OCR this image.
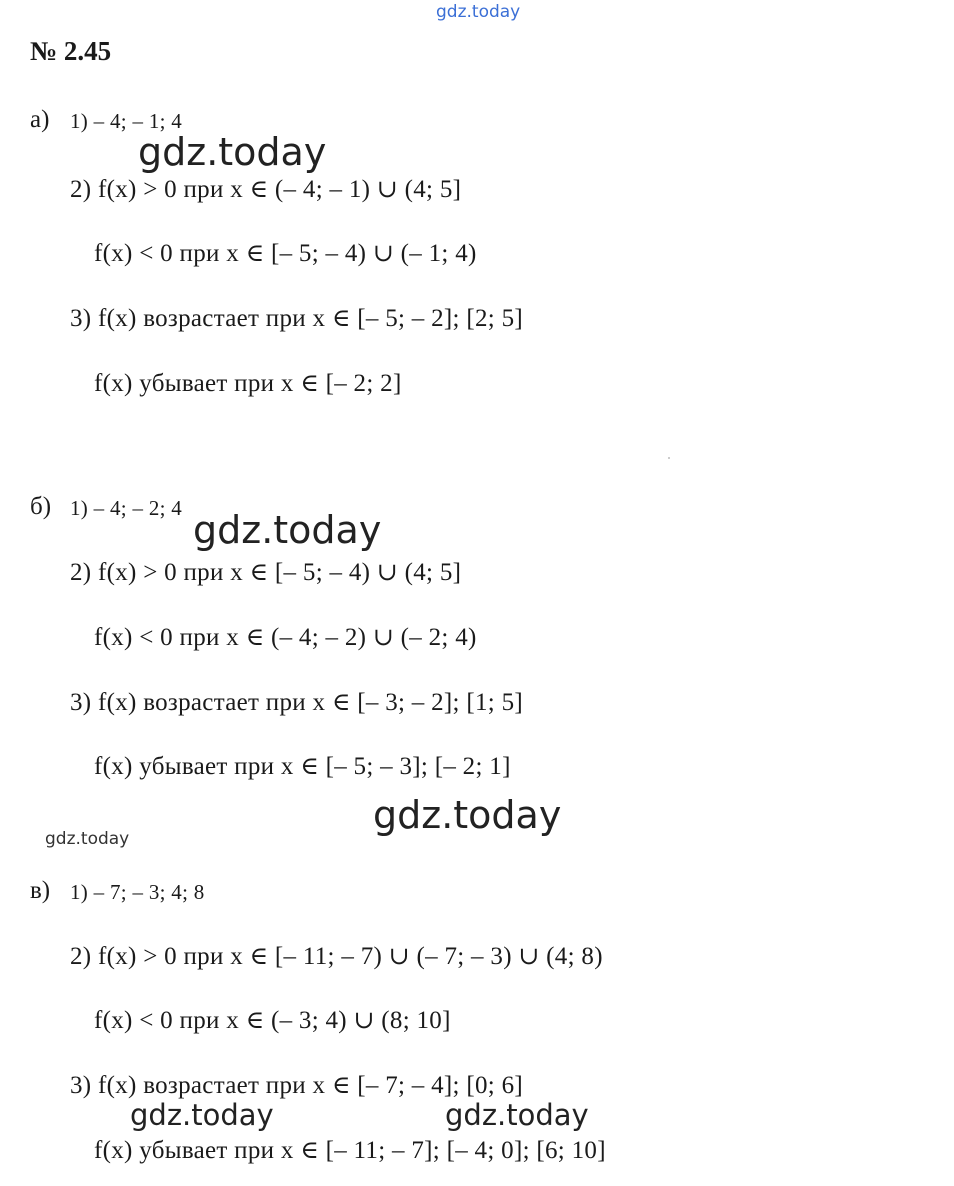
gdz.today
gdz.today
gdz.today
gdz.today
gdz.today
gdz.today	gdz.today
№ 2.45
а) 1) – 4; – 1; 4
2) f(x) > 0 при x ∈ (– 4; – 1) ∪ (4; 5]
f(x) < 0 при x ∈ [– 5; – 4) ∪ (– 1; 4)
3) f(x) возрастает при x ∈ [– 5; – 2]; [2; 5]
f(x) убывает при x ∈ [– 2; 2]
б) 1) – 4; – 2; 4
2) f(x) > 0 при x ∈ [– 5; – 4) ∪ (4; 5]
f(x) < 0 при x ∈ (– 4; – 2) ∪ (– 2; 4)
3) f(x) возрастает при x ∈ [– 3; – 2]; [1; 5]
f(x) убывает при x ∈ [– 5; – 3]; [– 2; 1]
в) 1) – 7; – 3; 4; 8
2) f(x) > 0 при x ∈ [– 11; – 7) ∪ (– 7; – 3) ∪ (4; 8)
f(x) < 0 при x ∈ (– 3; 4) ∪ (8; 10]
3) f(x) возрастает при x ∈ [– 7; – 4]; [0; 6]
f(x) убывает при x ∈ [– 11; – 7]; [– 4; 0]; [6; 10]
